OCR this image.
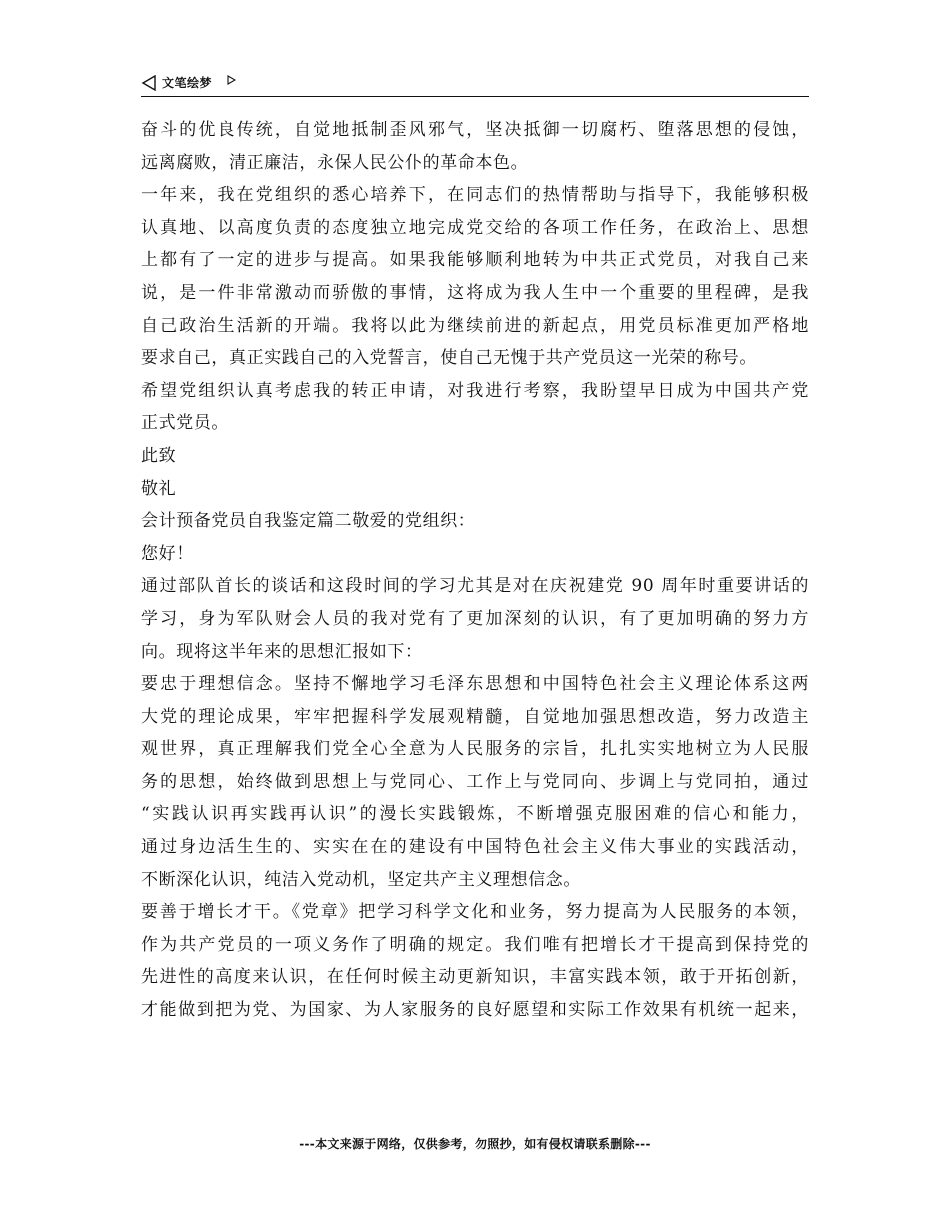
文笔绘梦
奋斗的优良传统，自觉地抵制歪风邪气，坚决抵御一切腐朽、堕落思想的侵蚀，
远离腐败，清正廉洁，永保人民公仆的革命本色。
一年来，我在党组织的悉心培养下，在同志们的热情帮助与指导下，我能够积极
认真地、以高度负责的态度独立地完成党交给的各项工作任务，在政治上、思想
上都有了一定的进步与提高。如果我能够顺利地转为中共正式党员，对我自己来
说，是一件非常激动而骄傲的事情，这将成为我人生中一个重要的里程碑，是我
自己政治生活新的开端。我将以此为继续前进的新起点，用党员标准更加严格地
要求自己，真正实践自己的入党誓言，使自己无愧于共产党员这一光荣的称号。
希望党组织认真考虑我的转正申请，对我进行考察，我盼望早日成为中国共产党
正式党员。
此致
敬礼
会计预备党员自我鉴定篇二敬爱的党组织：
您好！
通过部队首长的谈话和这段时间的学习尤其是对在庆祝建党 90 周年时重要讲话的
学习，身为军队财会人员的我对党有了更加深刻的认识，有了更加明确的努力方
向。现将这半年来的思想汇报如下：
要忠于理想信念。坚持不懈地学习毛泽东思想和中国特色社会主义理论体系这两
大党的理论成果，牢牢把握科学发展观精髓，自觉地加强思想改造，努力改造主
观世界，真正理解我们党全心全意为人民服务的宗旨，扎扎实实地树立为人民服
务的思想，始终做到思想上与党同心、工作上与党同向、步调上与党同拍，通过
“实践认识再实践再认识”的漫长实践锻炼，不断增强克服困难的信心和能力，
通过身边活生生的、实实在在的建设有中国特色社会主义伟大事业的实践活动，
不断深化认识，纯洁入党动机，坚定共产主义理想信念。
要善于增长才干。《党章》把学习科学文化和业务，努力提高为人民服务的本领，
作为共产党员的一项义务作了明确的规定。我们唯有把增长才干提高到保持党的
先进性的高度来认识，在任何时候主动更新知识，丰富实践本领，敢于开拓创新，
才能做到把为党、为国家、为人家服务的良好愿望和实际工作效果有机统一起来，
---本文来源于网络，仅供参考，勿照抄，如有侵权请联系删除---
